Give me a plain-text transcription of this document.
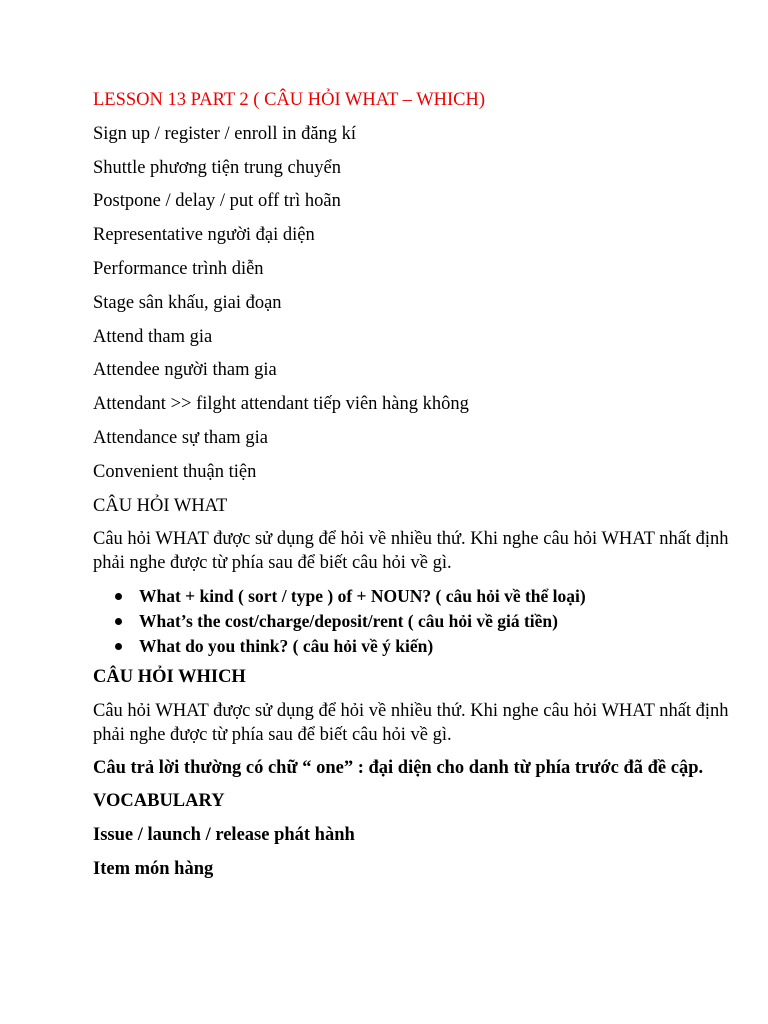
LESSON 13 PART 2 ( CÂU HỎI WHAT – WHICH)
Sign up / register / enroll in đăng kí
Shuttle phương tiện trung chuyển
Postpone / delay / put off trì hoãn
Representative người đại diện
Performance trình diễn
Stage sân khấu, giai đoạn
Attend tham gia
Attendee người tham gia
Attendant >> filght attendant tiếp viên hàng không
Attendance sự tham gia
Convenient thuận tiện
CÂU HỎI WHAT
Câu hỏi WHAT được sử dụng để hỏi về nhiều thứ. Khi nghe câu hỏi WHAT nhất định phải nghe được từ phía sau để biết câu hỏi về gì.
What + kind ( sort / type ) of + NOUN? ( câu hỏi về thể loại)
What’s the cost/charge/deposit/rent ( câu hỏi về giá tiền)
What do you think? ( câu hỏi về ý kiến)
CÂU HỎI WHICH
Câu hỏi WHAT được sử dụng để hỏi về nhiều thứ. Khi nghe câu hỏi WHAT nhất định phải nghe được từ phía sau để biết câu hỏi về gì.
Câu trả lời thường có chữ “ one” : đại diện cho danh từ phía trước đã đề cập.
VOCABULARY
Issue / launch / release phát hành
Item món hàng
